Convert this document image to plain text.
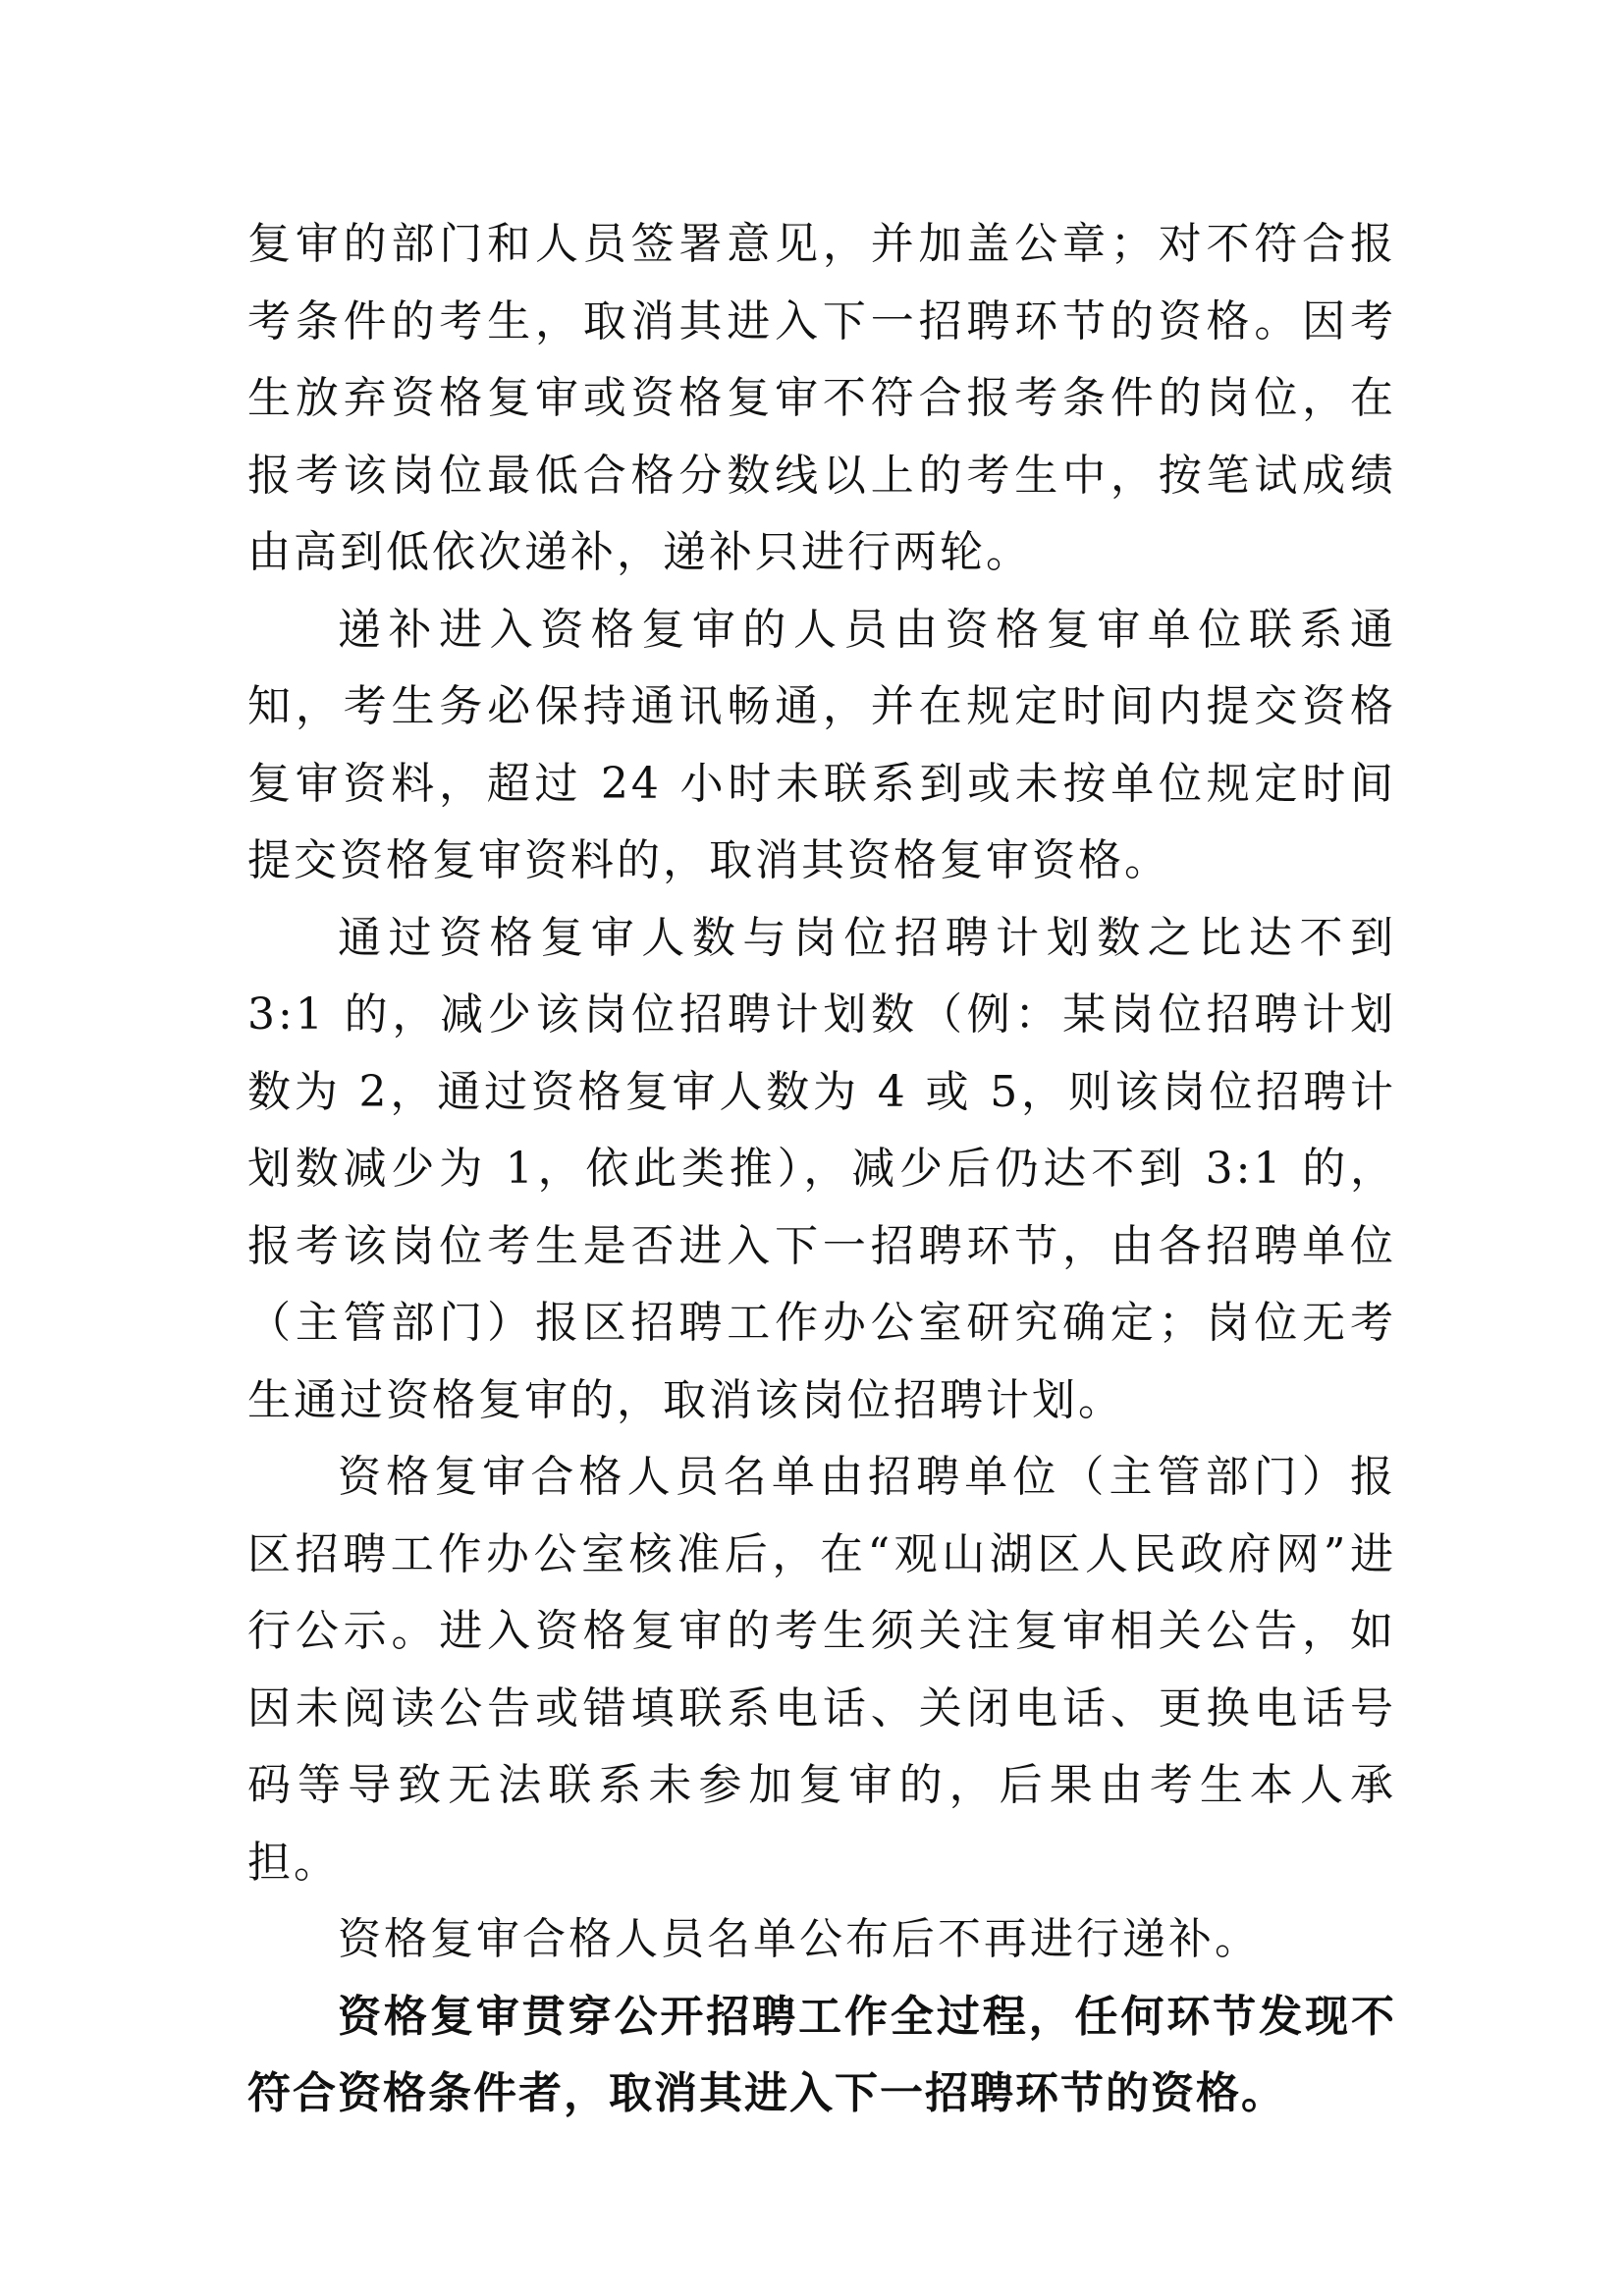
复审的部门和人员签署意见，并加盖公章；对不符合报考条件的考生，取消其进入下一招聘环节的资格。因考生放弃资格复审或资格复审不符合报考条件的岗位，在报考该岗位最低合格分数线以上的考生中，按笔试成绩由高到低依次递补，递补只进行两轮。

递补进入资格复审的人员由资格复审单位联系通知，考生务必保持通讯畅通，并在规定时间内提交资格复审资料，超过 24 小时未联系到或未按单位规定时间提交资格复审资料的，取消其资格复审资格。

通过资格复审人数与岗位招聘计划数之比达不到 3:1 的，减少该岗位招聘计划数（例：某岗位招聘计划数为 2，通过资格复审人数为 4 或 5，则该岗位招聘计划数减少为 1，依此类推），减少后仍达不到 3:1 的，报考该岗位考生是否进入下一招聘环节，由各招聘单位（主管部门）报区招聘工作办公室研究确定；岗位无考生通过资格复审的，取消该岗位招聘计划。

资格复审合格人员名单由招聘单位（主管部门）报区招聘工作办公室核准后，在“观山湖区人民政府网”进行公示。进入资格复审的考生须关注复审相关公告，如因未阅读公告或错填联系电话、关闭电话、更换电话号码等导致无法联系未参加复审的，后果由考生本人承担。

资格复审合格人员名单公布后不再进行递补。

资格复审贯穿公开招聘工作全过程，任何环节发现不符合资格条件者，取消其进入下一招聘环节的资格。
